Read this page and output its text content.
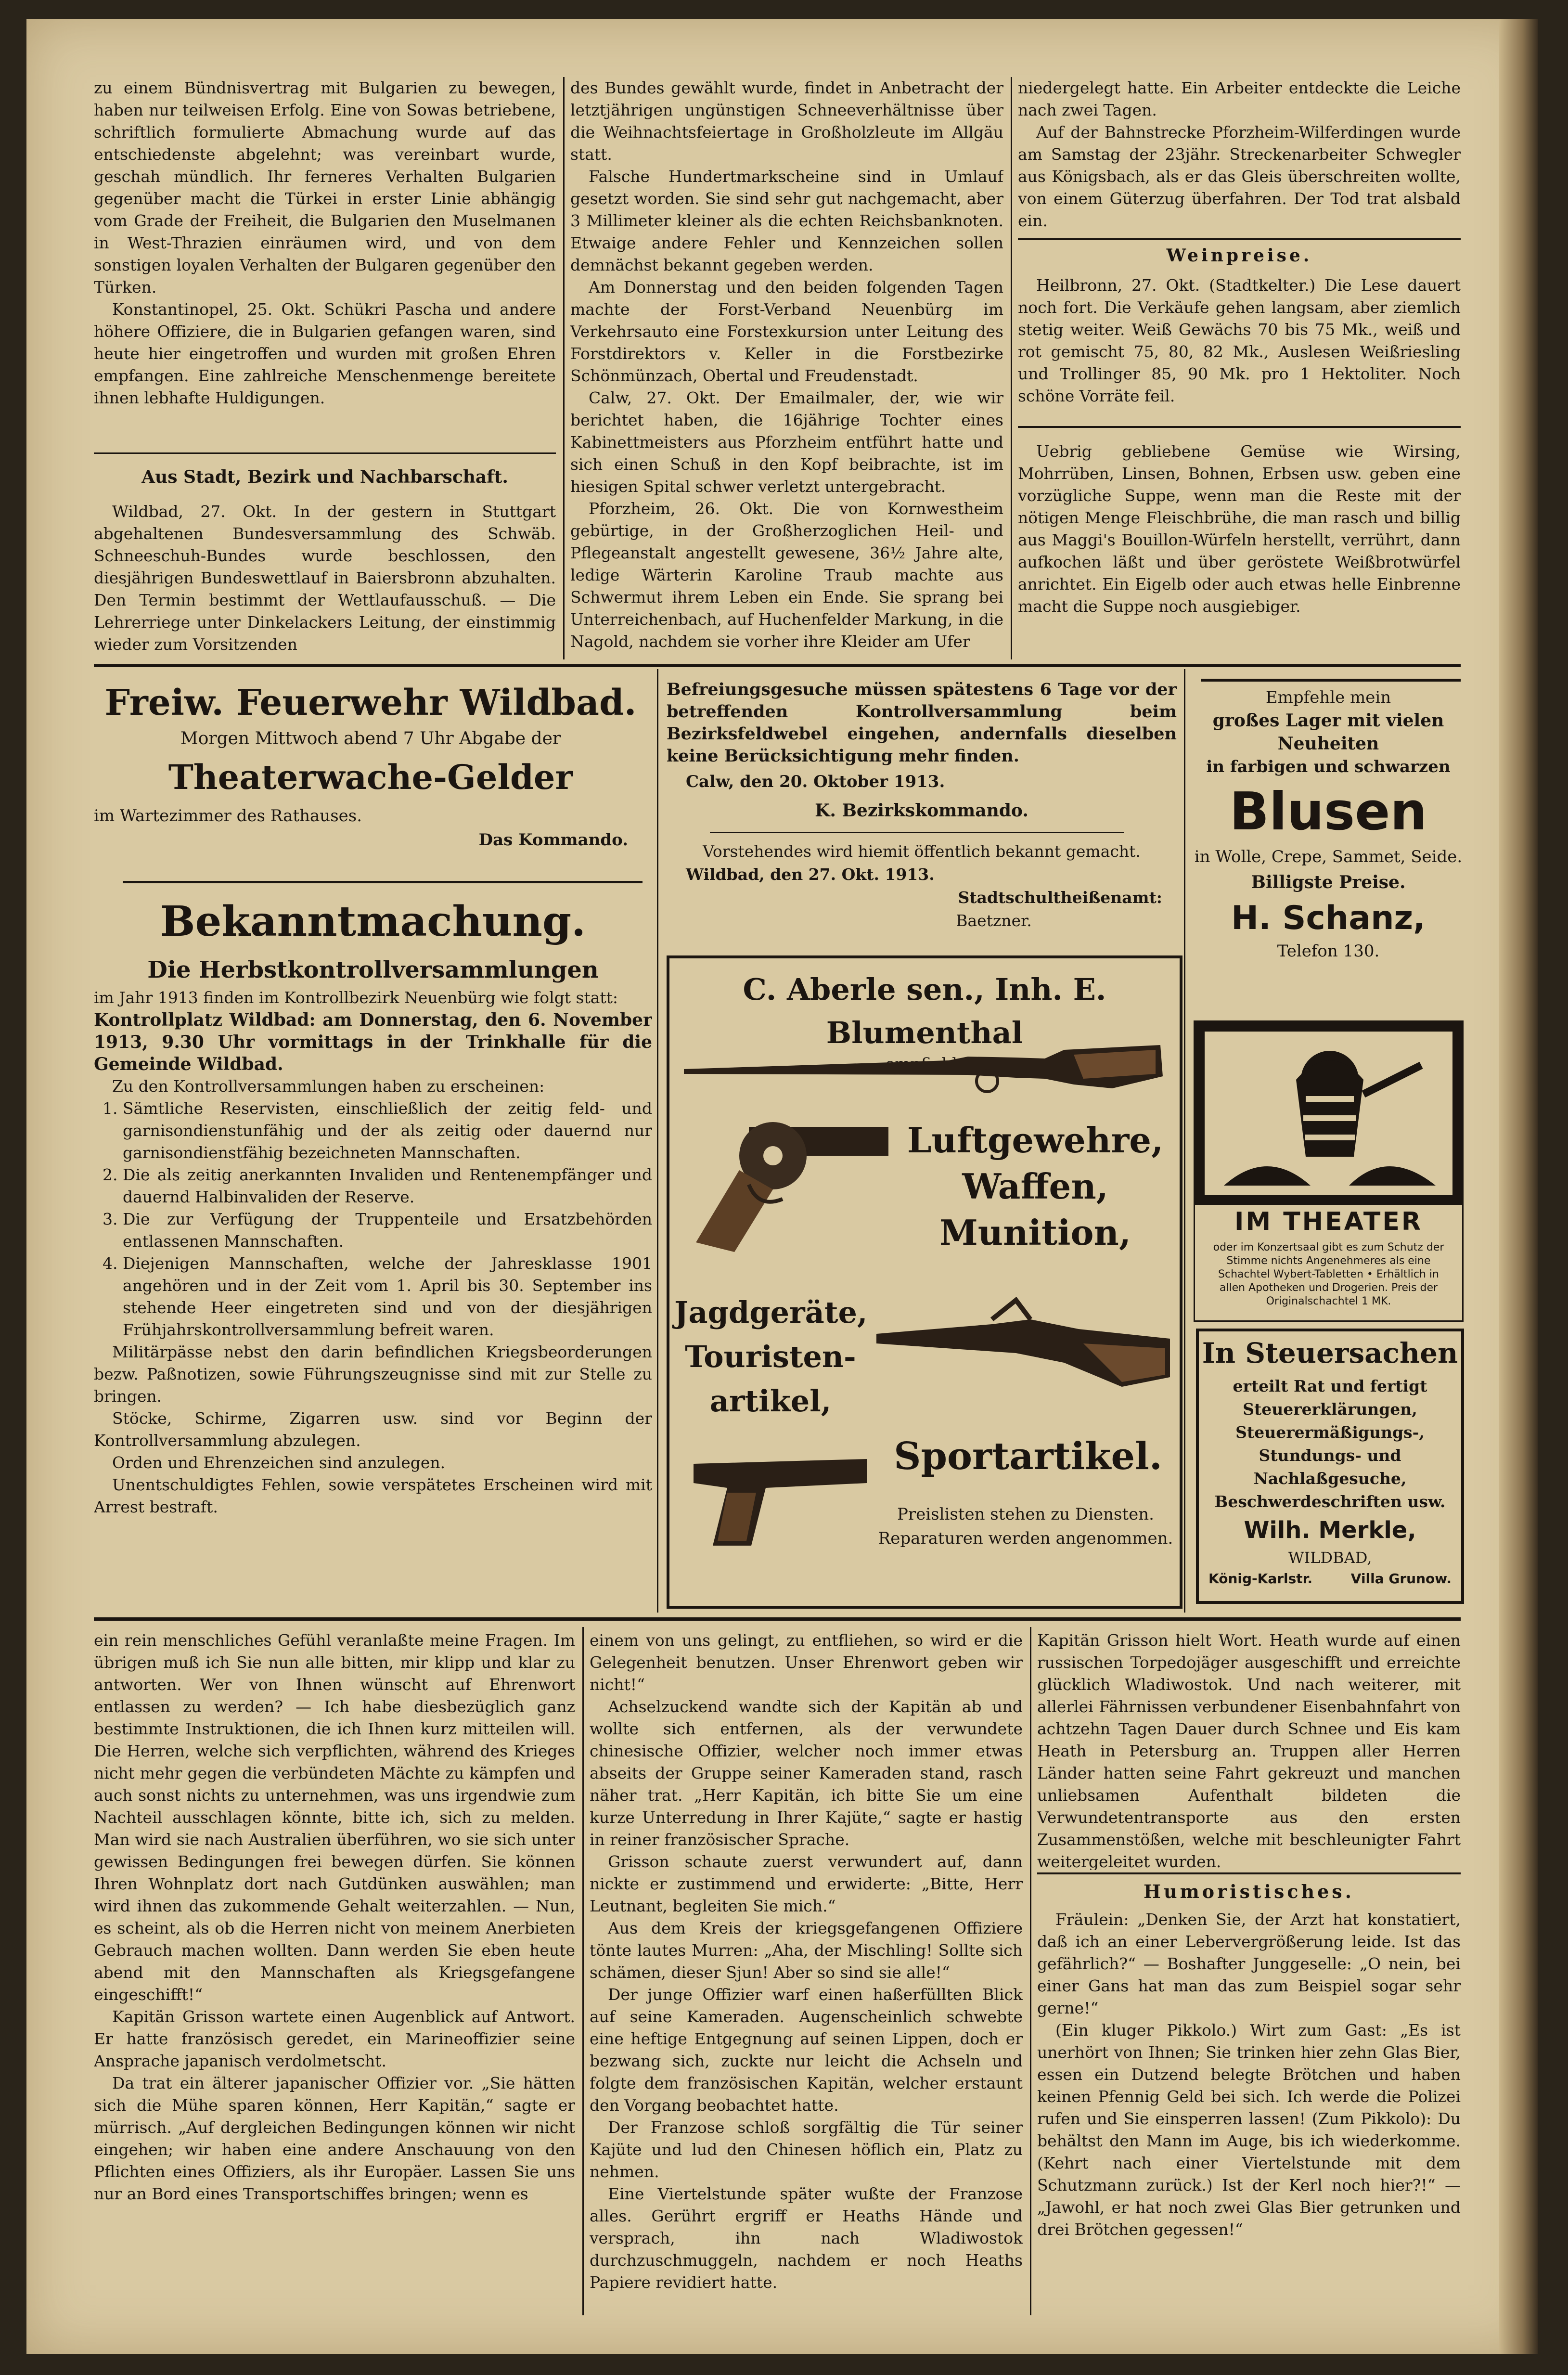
zu einem Bündnisvertrag mit Bulgarien zu bewegen, haben nur teilweisen Erfolg. Eine von Sowas betriebene, schriftlich formulierte Abmachung wurde auf das entschiedenste abgelehnt; was vereinbart wurde, geschah mündlich. Ihr ferneres Verhalten Bulgarien gegenüber macht die Türkei in erster Linie abhängig vom Grade der Freiheit, die Bulgarien den Muselmanen in West-Thrazien einräumen wird, und von dem sonstigen loyalen Verhalten der Bulgaren gegenüber den Türken.

Konstantinopel, 25. Okt. Schükri Pascha und andere höhere Offiziere, die in Bulgarien gefangen waren, sind heute hier eingetroffen und wurden mit großen Ehren empfangen. Eine zahlreiche Menschenmenge bereitete ihnen lebhafte Huldigungen.

Aus Stadt, Bezirk und Nachbarschaft.

Wildbad, 27. Okt. In der gestern in Stuttgart abgehaltenen Bundesversammlung des Schwäb. Schneeschuh-Bundes wurde beschlossen, den diesjährigen Bundeswettlauf in Baiersbronn abzuhalten. Den Termin bestimmt der Wettlaufausschuß. — Die Lehrerriege unter Dinkelackers Leitung, der einstimmig wieder zum Vorsitzenden

des Bundes gewählt wurde, findet in Anbetracht der letztjährigen ungünstigen Schneeverhältnisse über die Weihnachtsfeiertage in Großholzleute im Allgäu statt.

Falsche Hundertmarkscheine sind in Umlauf gesetzt worden. Sie sind sehr gut nachgemacht, aber 3 Millimeter kleiner als die echten Reichsbanknoten. Etwaige andere Fehler und Kennzeichen sollen demnächst bekannt gegeben werden.

Am Donnerstag und den beiden folgenden Tagen machte der Forst-Verband Neuenbürg im Verkehrsauto eine Forstexkursion unter Leitung des Forstdirektors v. Keller in die Forstbezirke Schönmünzach, Obertal und Freudenstadt.

Calw, 27. Okt. Der Emailmaler, der, wie wir berichtet haben, die 16jährige Tochter eines Kabinettmeisters aus Pforzheim entführt hatte und sich einen Schuß in den Kopf beibrachte, ist im hiesigen Spital schwer verletzt untergebracht.

Pforzheim, 26. Okt. Die von Kornwestheim gebürtige, in der Großherzoglichen Heil- und Pflegeanstalt angestellt gewesene, 36½ Jahre alte, ledige Wärterin Karoline Traub machte aus Schwermut ihrem Leben ein Ende. Sie sprang bei Unterreichenbach, auf Huchenfelder Markung, in die Nagold, nachdem sie vorher ihre Kleider am Ufer

niedergelegt hatte. Ein Arbeiter entdeckte die Leiche nach zwei Tagen.

Auf der Bahnstrecke Pforzheim-Wilferdingen wurde am Samstag der 23jähr. Streckenarbeiter Schwegler aus Königsbach, als er das Gleis überschreiten wollte, von einem Güterzug überfahren. Der Tod trat alsbald ein.

Weinpreise.

Heilbronn, 27. Okt. (Stadtkelter.) Die Lese dauert noch fort. Die Verkäufe gehen langsam, aber ziemlich stetig weiter. Weiß Gewächs 70 bis 75 Mk., weiß und rot gemischt 75, 80, 82 Mk., Auslesen Weißriesling und Trollinger 85, 90 Mk. pro 1 Hektoliter. Noch schöne Vorräte feil.

Uebrig gebliebene Gemüse wie Wirsing, Mohrrüben, Linsen, Bohnen, Erbsen usw. geben eine vorzügliche Suppe, wenn man die Reste mit der nötigen Menge Fleischbrühe, die man rasch und billig aus Maggi's Bouillon-Würfeln herstellt, verrührt, dann aufkochen läßt und über geröstete Weißbrotwürfel anrichtet. Ein Eigelb oder auch etwas helle Einbrenne macht die Suppe noch ausgiebiger.

Freiw. Feuerwehr Wildbad.
Morgen Mittwoch abend 7 Uhr Abgabe der
Theaterwache-Gelder
im Wartezimmer des Rathauses.
Das Kommando.
Bekanntmachung.
Die Herbstkontrollversammlungen

im Jahr 1913 finden im Kontrollbezirk Neuenbürg wie folgt statt:

Kontrollplatz Wildbad: am Donnerstag, den 6. November 1913, 9.30 Uhr vormittags in der Trinkhalle für die Gemeinde Wildbad.

Zu den Kontrollversammlungen haben zu erscheinen:

1. Sämtliche Reservisten, einschließlich der zeitig feld- und garnisondienstunfähig und der als zeitig oder dauernd nur garnisondienstfähig bezeichneten Mannschaften.
2. Die als zeitig anerkannten Invaliden und Rentenempfänger und dauernd Halbinvaliden der Reserve.
3. Die zur Verfügung der Truppenteile und Ersatzbehörden entlassenen Mannschaften.
4. Diejenigen Mannschaften, welche der Jahresklasse 1901 angehören und in der Zeit vom 1. April bis 30. September ins stehende Heer eingetreten sind und von der diesjährigen Frühjahrskontrollversammlung befreit waren.

Militärpässe nebst den darin befindlichen Kriegsbeorderungen bezw. Paßnotizen, sowie Führungszeugnisse sind mit zur Stelle zu bringen.

Stöcke, Schirme, Zigarren usw. sind vor Beginn der Kontrollversammlung abzulegen.

Orden und Ehrenzeichen sind anzulegen.

Unentschuldigtes Fehlen, sowie verspätetes Erscheinen wird mit Arrest bestraft.

Befreiungsgesuche müssen spätestens 6 Tage vor der betreffenden Kontrollversammlung beim Bezirksfeldwebel eingehen, andernfalls dieselben keine Berücksichtigung mehr finden.
Calw, den 20. Oktober 1913.
K. Bezirkskommando.
Vorstehendes wird hiemit öffentlich bekannt gemacht.
Wildbad, den 27. Okt. 1913.
Stadtschultheißenamt:
Baetzner.
C. Aberle sen., Inh. E. Blumenthal
Luftgewehre,
Waffen,
Munition,
Jagdgeräte,
Touristen-
artikel,
Sportartikel.
Preislisten stehen zu Diensten.
Reparaturen werden angenommen.
Empfehle mein
großes Lager mit vielen
Neuheiten
in farbigen und schwarzen
Blusen
in Wolle, Crepe, Sammet, Seide.
Billigste Preise.
H. Schanz,
Telefon 130.
IM THEATER
oder im Konzertsaal gibt es zum Schutz der Stimme nichts Angenehmeres als eine Schachtel Wybert-Tabletten • Erhältlich in allen Apotheken und Drogerien. Preis der Originalschachtel 1 MK.
In Steuersachen
erteilt Rat und fertigt Steuererklärungen, Steuerermäßigungs-, Stundungs- und Nachlaßgesuche, Beschwerdeschriften usw.
Wilh. Merkle,
WILDBAD,
König-Karlstr.	Villa Grunow.

ein rein menschliches Gefühl veranlaßte meine Fragen. Im übrigen muß ich Sie nun alle bitten, mir klipp und klar zu antworten. Wer von Ihnen wünscht auf Ehrenwort entlassen zu werden? — Ich habe diesbezüglich ganz bestimmte Instruktionen, die ich Ihnen kurz mitteilen will. Die Herren, welche sich verpflichten, während des Krieges nicht mehr gegen die verbündeten Mächte zu kämpfen und auch sonst nichts zu unternehmen, was uns irgendwie zum Nachteil ausschlagen könnte, bitte ich, sich zu melden. Man wird sie nach Australien überführen, wo sie sich unter gewissen Bedingungen frei bewegen dürfen. Sie können Ihren Wohnplatz dort nach Gutdünken auswählen; man wird ihnen das zukommende Gehalt weiterzahlen. — Nun, es scheint, als ob die Herren nicht von meinem Anerbieten Gebrauch machen wollten. Dann werden Sie eben heute abend mit den Mannschaften als Kriegsgefangene eingeschifft!“

Kapitän Grisson wartete einen Augenblick auf Antwort. Er hatte französisch geredet, ein Marineoffizier seine Ansprache japanisch verdolmetscht.

Da trat ein älterer japanischer Offizier vor. „Sie hätten sich die Mühe sparen können, Herr Kapitän,“ sagte er mürrisch. „Auf dergleichen Bedingungen können wir nicht eingehen; wir haben eine andere Anschauung von den Pflichten eines Offiziers, als ihr Europäer. Lassen Sie uns nur an Bord eines Transportschiffes bringen; wenn es

einem von uns gelingt, zu entfliehen, so wird er die Gelegenheit benutzen. Unser Ehrenwort geben wir nicht!“

Achselzuckend wandte sich der Kapitän ab und wollte sich entfernen, als der verwundete chinesische Offizier, welcher noch immer etwas abseits der Gruppe seiner Kameraden stand, rasch näher trat. „Herr Kapitän, ich bitte Sie um eine kurze Unterredung in Ihrer Kajüte,“ sagte er hastig in reiner französischer Sprache.

Grisson schaute zuerst verwundert auf, dann nickte er zustimmend und erwiderte: „Bitte, Herr Leutnant, begleiten Sie mich.“

Aus dem Kreis der kriegsgefangenen Offiziere tönte lautes Murren: „Aha, der Mischling! Sollte sich schämen, dieser Sjun! Aber so sind sie alle!“

Der junge Offizier warf einen haßerfüllten Blick auf seine Kameraden. Augenscheinlich schwebte eine heftige Entgegnung auf seinen Lippen, doch er bezwang sich, zuckte nur leicht die Achseln und folgte dem französischen Kapitän, welcher erstaunt den Vorgang beobachtet hatte.

Der Franzose schloß sorgfältig die Tür seiner Kajüte und lud den Chinesen höflich ein, Platz zu nehmen.

Eine Viertelstunde später wußte der Franzose alles. Gerührt ergriff er Heaths Hände und versprach, ihn nach Wladiwostok durchzuschmuggeln, nachdem er noch Heaths Papiere revidiert hatte.

Kapitän Grisson hielt Wort. Heath wurde auf einen russischen Torpedojäger ausgeschifft und erreichte glücklich Wladiwostok. Und nach weiterer, mit allerlei Fährnissen verbundener Eisenbahnfahrt von achtzehn Tagen Dauer durch Schnee und Eis kam Heath in Petersburg an. Truppen aller Herren Länder hatten seine Fahrt gekreuzt und manchen unliebsamen Aufenthalt bildeten die Verwundetentransporte aus den ersten Zusammenstößen, welche mit beschleunigter Fahrt weitergeleitet wurden.

Humoristisches.

Fräulein: „Denken Sie, der Arzt hat konstatiert, daß ich an einer Lebervergrößerung leide. Ist das gefährlich?“ — Boshafter Junggeselle: „O nein, bei einer Gans hat man das zum Beispiel sogar sehr gerne!“

(Ein kluger Pikkolo.) Wirt zum Gast: „Es ist unerhört von Ihnen; Sie trinken hier zehn Glas Bier, essen ein Dutzend belegte Brötchen und haben keinen Pfennig Geld bei sich. Ich werde die Polizei rufen und Sie einsperren lassen! (Zum Pikkolo): Du behältst den Mann im Auge, bis ich wiederkomme. (Kehrt nach einer Viertelstunde mit dem Schutzmann zurück.) Ist der Kerl noch hier?!“ — „Jawohl, er hat noch zwei Glas Bier getrunken und drei Brötchen gegessen!“
